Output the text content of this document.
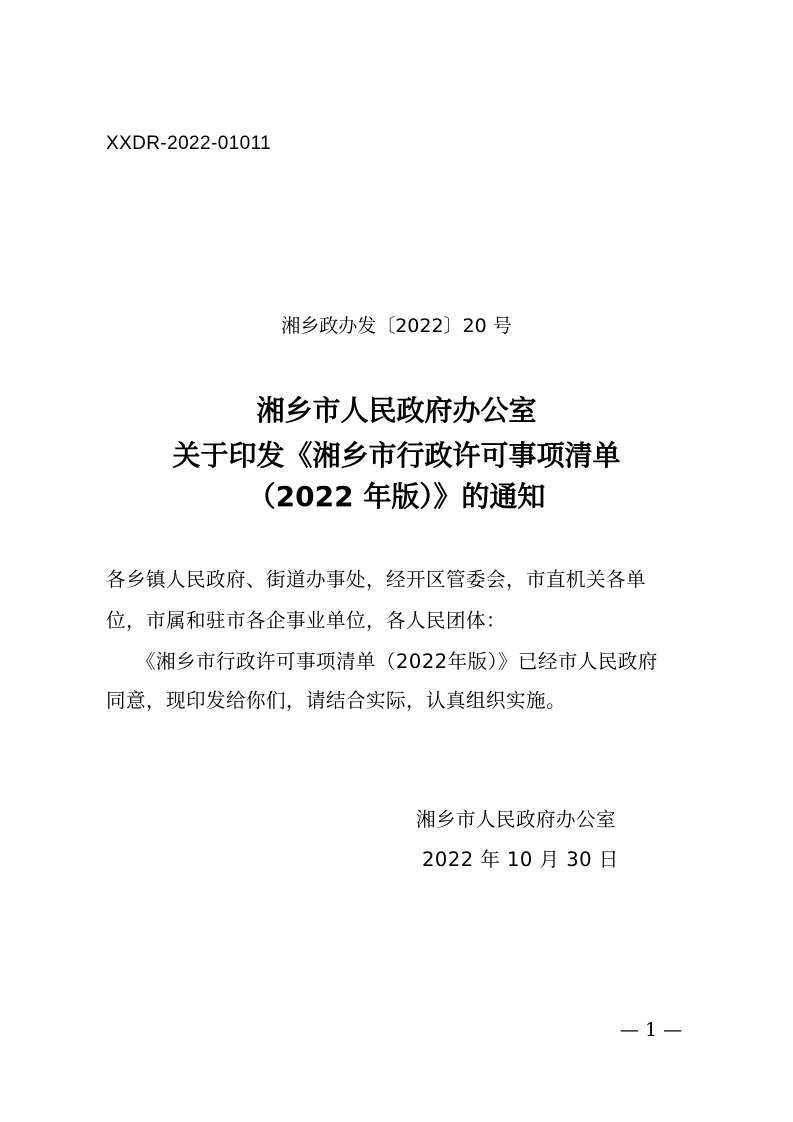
XXDR-2022-01011
湘乡政办发〔2022〕20 号
湘乡市人民政府办公室
关于印发《湘乡市行政许可事项清单
（2022 年版）》的通知
各乡镇人民政府、街道办事处，经开区管委会，市直机关各单
位，市属和驻市各企事业单位，各人民团体：
《湘乡市行政许可事项清单（2022年版）》已经市人民政府
同意，现印发给你们，请结合实际，认真组织实施。
湘乡市人民政府办公室
2022 年 10 月 30 日
— 1 —
